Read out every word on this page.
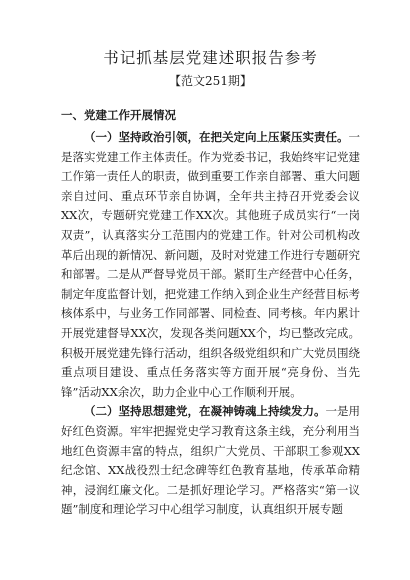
书记抓基层党建述职报告参考
【范文251期】
一、党建工作开展情况

（一）坚持政治引领，在把关定向上压紧压实责任。一是落实党建工作主体责任。作为党委书记，我始终牢记党建工作第一责任人的职责，做到重要工作亲自部署、重大问题亲自过问、重点环节亲自协调，全年共主持召开党委会议XX次，专题研究党建工作XX次。其他班子成员实行“一岗双责”，认真落实分工范围内的党建工作。针对公司机构改革后出现的新情况、新问题，及时对党建工作进行专题研究和部署。二是从严督导党员干部。紧盯生产经营中心任务，制定年度监督计划，把党建工作纳入到企业生产经营目标考核体系中，与业务工作同部署、同检查、同考核。年内累计开展党建督导XX次，发现各类问题XX个，均已整改完成。积极开展党建先锋行活动，组织各级党组织和广大党员围绕重点项目建设、重点任务落实等方面开展“亮身份、当先锋”活动XX余次，助力企业中心工作顺利开展。

（二）坚持思想建党，在凝神铸魂上持续发力。一是用好红色资源。牢牢把握党史学习教育这条主线，充分利用当地红色资源丰富的特点，组织广大党员、干部职工参观XX纪念馆、XX战役烈士纪念碑等红色教育基地，传承革命精神，浸润红廉文化。二是抓好理论学习。严格落实“第一议题”制度和理论学习中心组学习制度，认真组织开展专题
